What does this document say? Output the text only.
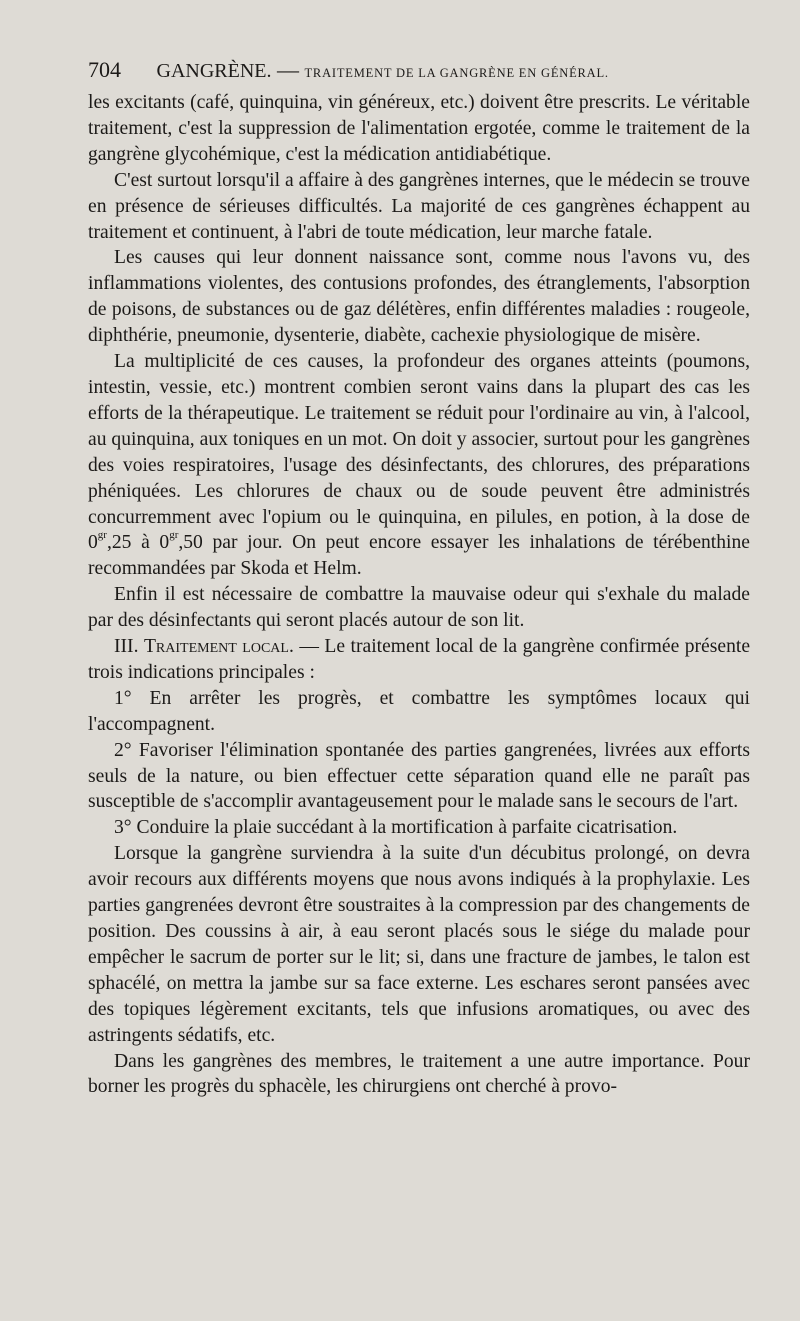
704 GANGRÈNE. — TRAITEMENT DE LA GANGRÈNE EN GÉNÉRAL.

les excitants (café, quinquina, vin généreux, etc.) doivent être prescrits. Le véritable traitement, c'est la suppression de l'alimentation ergotée, comme le traitement de la gangrène glycohémique, c'est la médication antidiabétique.

C'est surtout lorsqu'il a affaire à des gangrènes internes, que le médecin se trouve en présence de sérieuses difficultés. La majorité de ces gangrènes échappent au traitement et continuent, à l'abri de toute médication, leur marche fatale.

Les causes qui leur donnent naissance sont, comme nous l'avons vu, des inflammations violentes, des contusions profondes, des étranglements, l'absorption de poisons, de substances ou de gaz délétères, enfin différentes maladies : rougeole, diphthérie, pneumonie, dysenterie, diabète, cachexie physiologique de misère.

La multiplicité de ces causes, la profondeur des organes atteints (poumons, intestin, vessie, etc.) montrent combien seront vains dans la plupart des cas les efforts de la thérapeutique. Le traitement se réduit pour l'ordinaire au vin, à l'alcool, au quinquina, aux toniques en un mot. On doit y associer, surtout pour les gangrènes des voies respiratoires, l'usage des désinfectants, des chlorures, des préparations phéniquées. Les chlorures de chaux ou de soude peuvent être administrés concurremment avec l'opium ou le quinquina, en pilules, en potion, à la dose de $0^{gr},25$ à $0^{gr},50$ par jour. On peut encore essayer les inhalations de térébenthine recommandées par Skoda et Helm.

Enfin il est nécessaire de combattre la mauvaise odeur qui s'exhale du malade par des désinfectants qui seront placés autour de son lit.

III. Traitement local. — Le traitement local de la gangrène confirmée présente trois indications principales :

1° En arrêter les progrès, et combattre les symptômes locaux qui l'accompagnent.

2° Favoriser l'élimination spontanée des parties gangrenées, livrées aux efforts seuls de la nature, ou bien effectuer cette séparation quand elle ne paraît pas susceptible de s'accomplir avantageusement pour le malade sans le secours de l'art.

3° Conduire la plaie succédant à la mortification à parfaite cicatrisation.

Lorsque la gangrène surviendra à la suite d'un décubitus prolongé, on devra avoir recours aux différents moyens que nous avons indiqués à la prophylaxie. Les parties gangrenées devront être soustraites à la compression par des changements de position. Des coussins à air, à eau seront placés sous le siége du malade pour empêcher le sacrum de porter sur le lit; si, dans une fracture de jambes, le talon est sphacélé, on mettra la jambe sur sa face externe. Les eschares seront pansées avec des topiques légèrement excitants, tels que infusions aromatiques, ou avec des astringents sédatifs, etc.

Dans les gangrènes des membres, le traitement a une autre importance. Pour borner les progrès du sphacèle, les chirurgiens ont cherché à provo-
